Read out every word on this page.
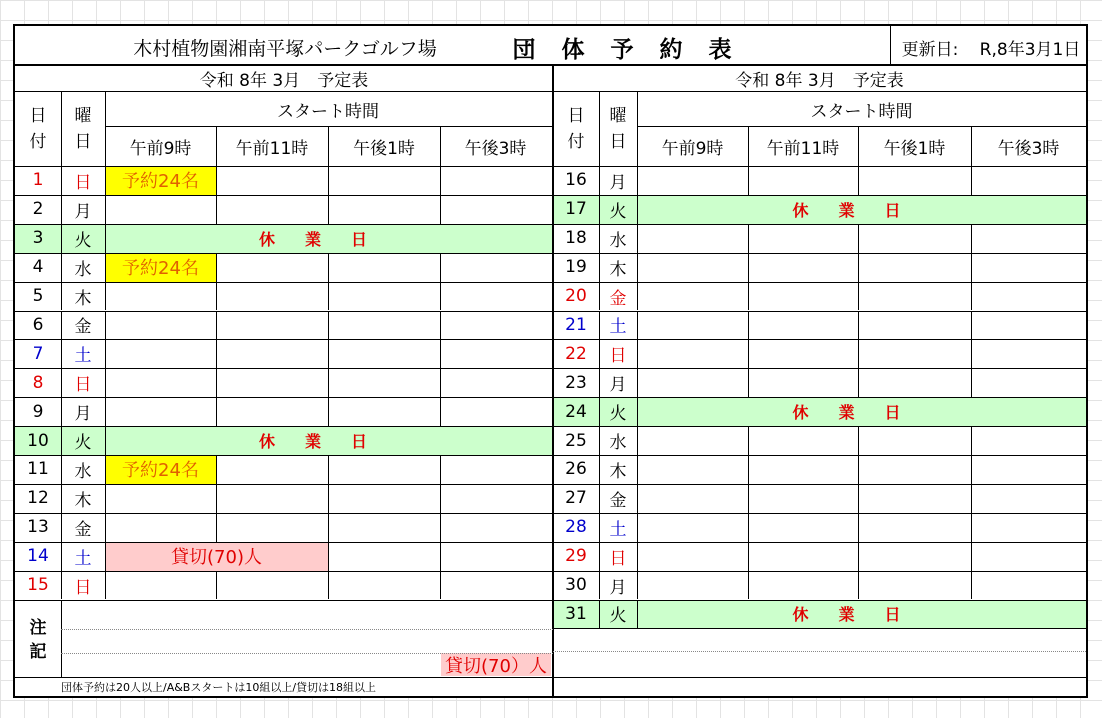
木村植物園湘南平塚パークゴルフ場	団体予約表	更新日:	R,8年3月1日
令和 8年 3月　予定表
スタート時間
午前9時	午前11時	午後1時	午後3時
令和 8年 3月　予定表
スタート時間
午前9時	午前11時	午後1時	午後3時
日
付
曜
日
日
付
曜
日
1	日	予約24名
2	月
3	火	休業日
4	水	予約24名
5	木
6	金
7	土
8	日
9	月
10	火	休業日
11	水	予約24名
12	木
13	金
14	土	貸切(70)人
15	日
16	月
17	火	休業日
18	水
19	木
20	金
21	土
22	日
23	月
24	火	休業日
25	水
26	木
27	金
28	土
29	日
30	月
31	火	休業日
注
記
貸切(70）人
団体予約は20人以上/A&Bスタートは10組以上/貸切は18組以上
